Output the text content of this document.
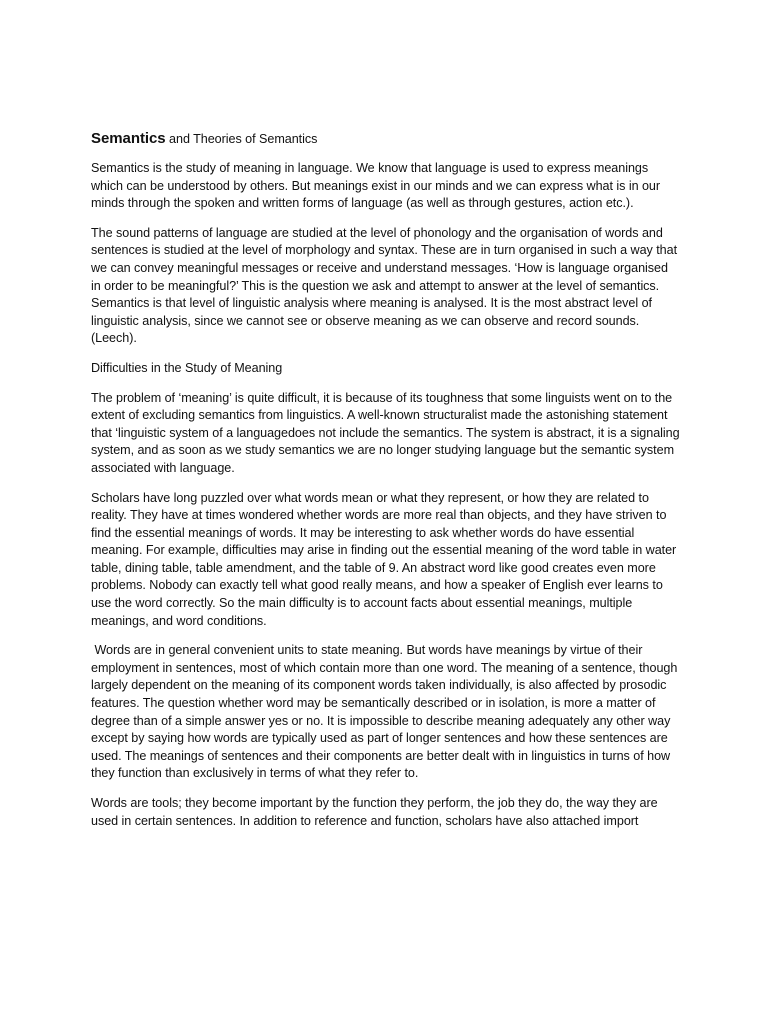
Semantics and Theories of Semantics

Semantics is the study of meaning in language. We know that language is used to express meanings which can be understood by others. But meanings exist in our minds and we can express what is in our minds through the spoken and written forms of language (as well as through gestures, action etc.).

The sound patterns of language are studied at the level of phonology and the organisation of words and sentences is studied at the level of morphology and syntax. These are in turn organised in such a way that we can convey meaningful messages or receive and understand messages. ‘How is language organised in order to be meaningful?’ This is the question we ask and attempt to answer at the level of semantics. Semantics is that level of linguistic analysis where meaning is analysed. It is the most abstract level of linguistic analysis, since we cannot see or observe meaning as we can observe and record sounds. (Leech).

Difficulties in the Study of Meaning

The problem of ‘meaning’ is quite difficult, it is because of its toughness that some linguists went on to the extent of excluding semantics from linguistics. A well-known structuralist made the astonishing statement that ‘linguistic system of a languagedoes not include the semantics. The system is abstract, it is a signaling system, and as soon as we study semantics we are no longer studying language but the semantic system associated with language.

Scholars have long puzzled over what words mean or what they represent, or how they are related to reality. They have at times wondered whether words are more real than objects, and they have striven to find the essential meanings of words. It may be interesting to ask whether words do have essential meaning. For example, difficulties may arise in finding out the essential meaning of the word table in water table, dining table, table amendment, and the table of 9. An abstract word like good creates even more problems. Nobody can exactly tell what good really means, and how a speaker of English ever learns to use the word correctly. So the main difficulty is to account facts about essential meanings, multiple meanings, and word conditions.

Words are in general convenient units to state meaning. But words have meanings by virtue of their employment in sentences, most of which contain more than one word. The meaning of a sentence, though largely dependent on the meaning of its component words taken individually, is also affected by prosodic features. The question whether word may be semantically described or in isolation, is more a matter of degree than of a simple answer yes or no. It is impossible to describe meaning adequately any other way except by saying how words are typically used as part of longer sentences and how these sentences are used. The meanings of sentences and their components are better dealt with in linguistics in turns of how they function than exclusively in terms of what they refer to.

Words are tools; they become important by the function they perform, the job they do, the way they are used in certain sentences. In addition to reference and function, scholars have also attached import
